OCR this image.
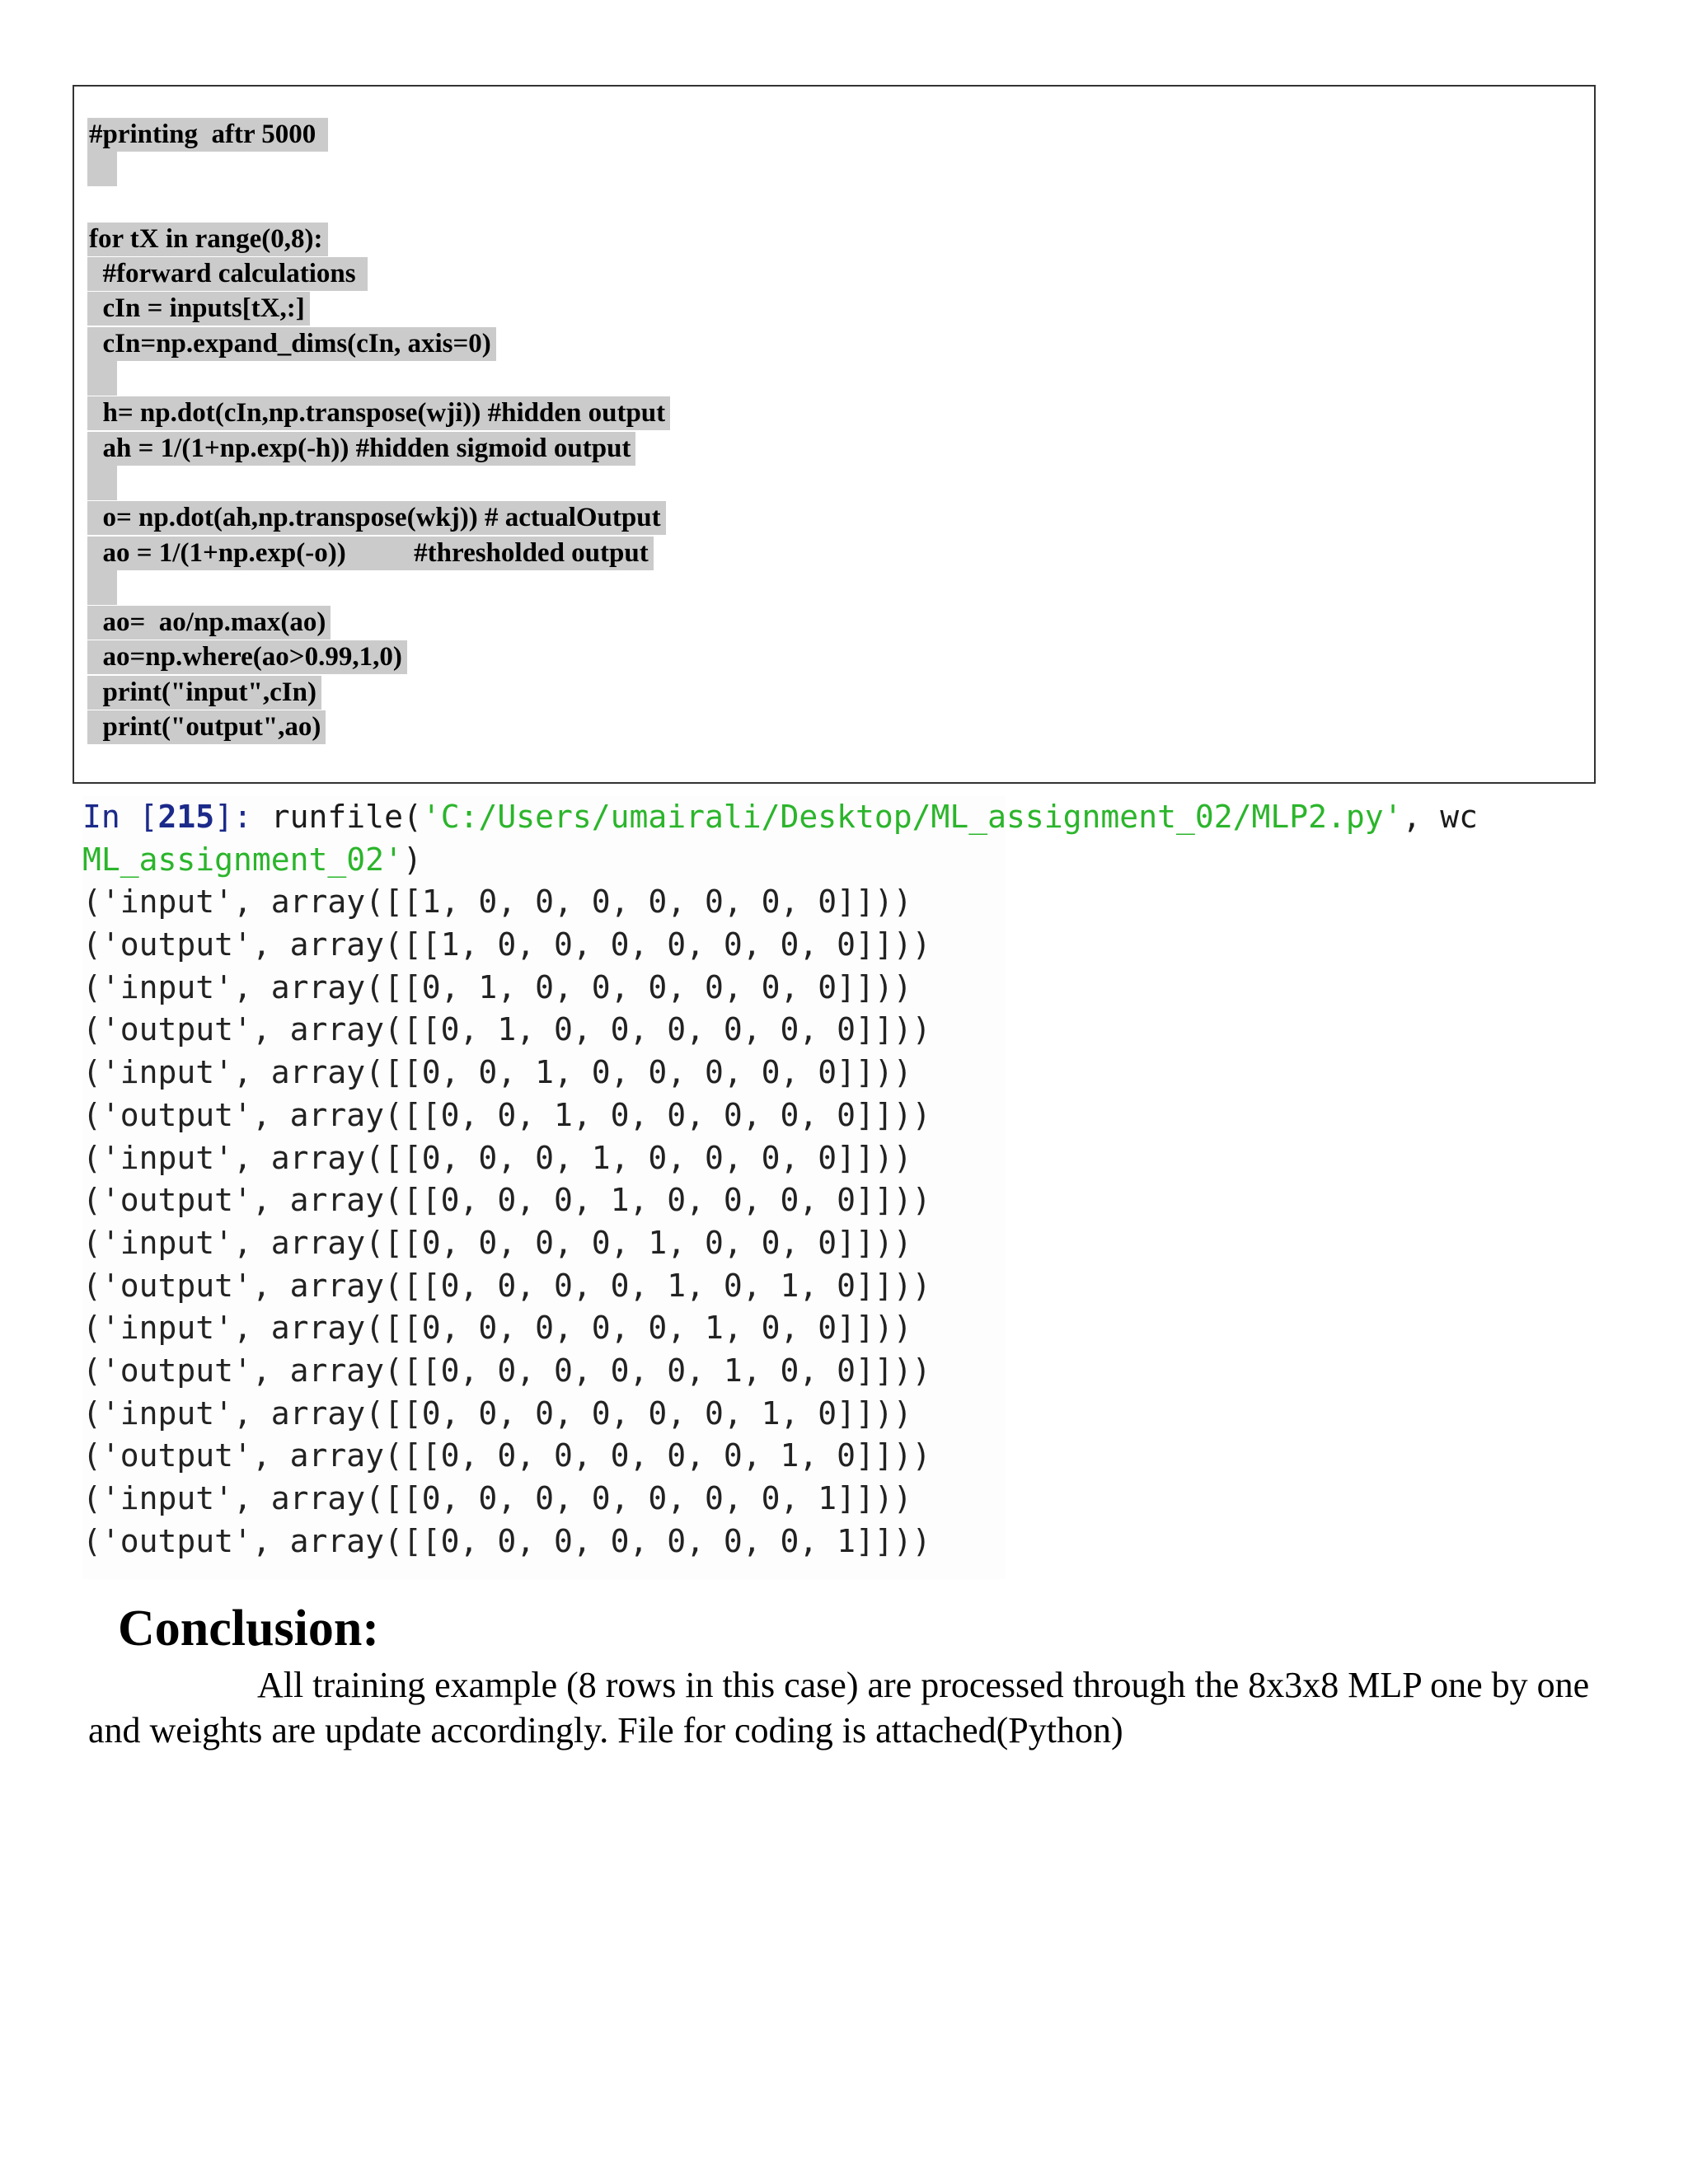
#printing  aftr 5000
for tX in range(0,8):
#forward calculations
cIn = inputs[tX,:]
cIn=np.expand_dims(cIn, axis=0)
h= np.dot(cIn,np.transpose(wji)) #hidden output
ah = 1/(1+np.exp(-h)) #hidden sigmoid output
o= np.dot(ah,np.transpose(wkj)) # actualOutput
ao = 1/(1+np.exp(-o))          #thresholded output
ao=  ao/np.max(ao)
ao=np.where(ao>0.99,1,0)
print("input",cIn)
print("output",ao)
In [215]: runfile('C:/Users/umairali/Desktop/ML_assignment_02/MLP2.py', wc
ML_assignment_02')
('input', array([[1, 0, 0, 0, 0, 0, 0, 0]]))
('output', array([[1, 0, 0, 0, 0, 0, 0, 0]]))
('input', array([[0, 1, 0, 0, 0, 0, 0, 0]]))
('output', array([[0, 1, 0, 0, 0, 0, 0, 0]]))
('input', array([[0, 0, 1, 0, 0, 0, 0, 0]]))
('output', array([[0, 0, 1, 0, 0, 0, 0, 0]]))
('input', array([[0, 0, 0, 1, 0, 0, 0, 0]]))
('output', array([[0, 0, 0, 1, 0, 0, 0, 0]]))
('input', array([[0, 0, 0, 0, 1, 0, 0, 0]]))
('output', array([[0, 0, 0, 0, 1, 0, 1, 0]]))
('input', array([[0, 0, 0, 0, 0, 1, 0, 0]]))
('output', array([[0, 0, 0, 0, 0, 1, 0, 0]]))
('input', array([[0, 0, 0, 0, 0, 0, 1, 0]]))
('output', array([[0, 0, 0, 0, 0, 0, 1, 0]]))
('input', array([[0, 0, 0, 0, 0, 0, 0, 1]]))
('output', array([[0, 0, 0, 0, 0, 0, 0, 1]]))
Conclusion:
All training example (8 rows in this case) are processed through the 8x3x8 MLP one by one and weights are update accordingly. File for coding is attached(Python)
